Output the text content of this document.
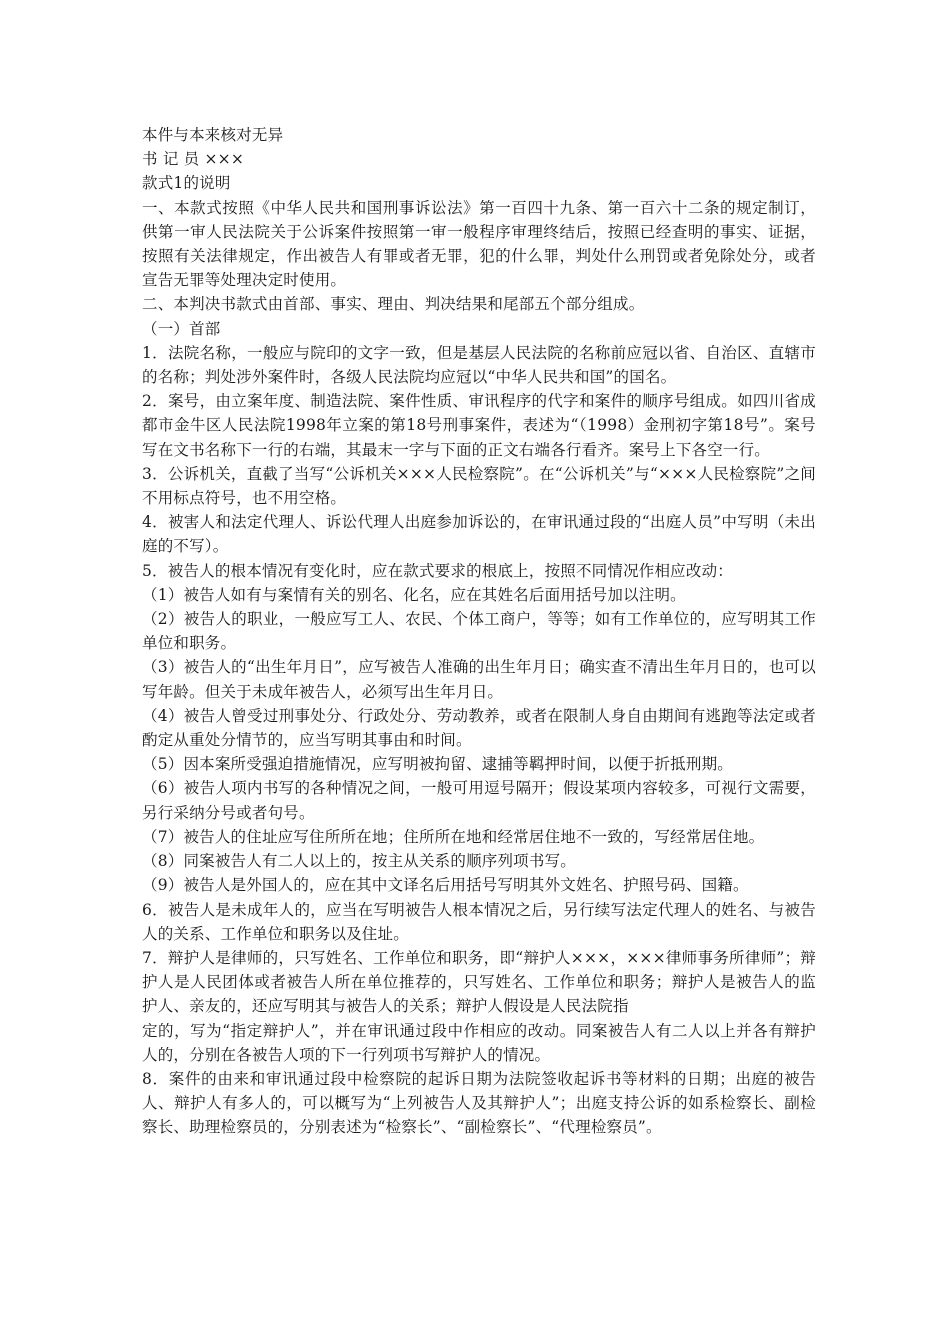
本件与本来核对无异

书 记 员 ×××

款式1的说明

一、本款式按照《中华人民共和国刑事诉讼法》第一百四十九条、第一百六十二条的规定制订，供第一审人民法院关于公诉案件按照第一审一般程序审理终结后，按照已经查明的事实、证据，按照有关法律规定，作出被告人有罪或者无罪，犯的什么罪，判处什么刑罚或者免除处分，或者宣告无罪等处理决定时使用。

二、本判决书款式由首部、事实、理由、判决结果和尾部五个部分组成。

（一）首部

1．法院名称，一般应与院印的文字一致，但是基层人民法院的名称前应冠以省、自治区、直辖市的名称；判处涉外案件时，各级人民法院均应冠以“中华人民共和国”的国名。

2．案号，由立案年度、制造法院、案件性质、审讯程序的代字和案件的顺序号组成。如四川省成都市金牛区人民法院1998年立案的第18号刑事案件，表述为“（1998）金刑初字第18号”。案号写在文书名称下一行的右端，其最末一字与下面的正文右端各行看齐。案号上下各空一行。

3．公诉机关，直截了当写“公诉机关×××人民检察院”。在“公诉机关”与“×××人民检察院”之间不用标点符号，也不用空格。

4．被害人和法定代理人、诉讼代理人出庭参加诉讼的，在审讯通过段的“出庭人员”中写明（未出庭的不写）。

5．被告人的根本情况有变化时，应在款式要求的根底上，按照不同情况作相应改动：

（1）被告人如有与案情有关的别名、化名，应在其姓名后面用括号加以注明。

（2）被告人的职业，一般应写工人、农民、个体工商户，等等；如有工作单位的，应写明其工作单位和职务。

（3）被告人的“出生年月日”，应写被告人准确的出生年月日；确实查不清出生年月日的，也可以写年龄。但关于未成年被告人，必须写出生年月日。

（4）被告人曾受过刑事处分、行政处分、劳动教养，或者在限制人身自由期间有逃跑等法定或者酌定从重处分情节的，应当写明其事由和时间。

（5）因本案所受强迫措施情况，应写明被拘留、逮捕等羁押时间，以便于折抵刑期。

（6）被告人项内书写的各种情况之间，一般可用逗号隔开；假设某项内容较多，可视行文需要，另行采纳分号或者句号。

（7）被告人的住址应写住所所在地；住所所在地和经常居住地不一致的，写经常居住地。

（8）同案被告人有二人以上的，按主从关系的顺序列项书写。

（9）被告人是外国人的，应在其中文译名后用括号写明其外文姓名、护照号码、国籍。

6．被告人是未成年人的，应当在写明被告人根本情况之后，另行续写法定代理人的姓名、与被告人的关系、工作单位和职务以及住址。

7．辩护人是律师的，只写姓名、工作单位和职务，即“辩护人×××，×××律师事务所律师”；辩护人是人民团体或者被告人所在单位推荐的，只写姓名、工作单位和职务；辩护人是被告人的监护人、亲友的，还应写明其与被告人的关系；辩护人假设是人民法院指

定的，写为“指定辩护人”，并在审讯通过段中作相应的改动。同案被告人有二人以上并各有辩护人的，分别在各被告人项的下一行列项书写辩护人的情况。

8．案件的由来和审讯通过段中检察院的起诉日期为法院签收起诉书等材料的日期；出庭的被告人、辩护人有多人的，可以概写为“上列被告人及其辩护人”；出庭支持公诉的如系检察长、副检察长、助理检察员的，分别表述为“检察长”、“副检察长”、“代理检察员”。
